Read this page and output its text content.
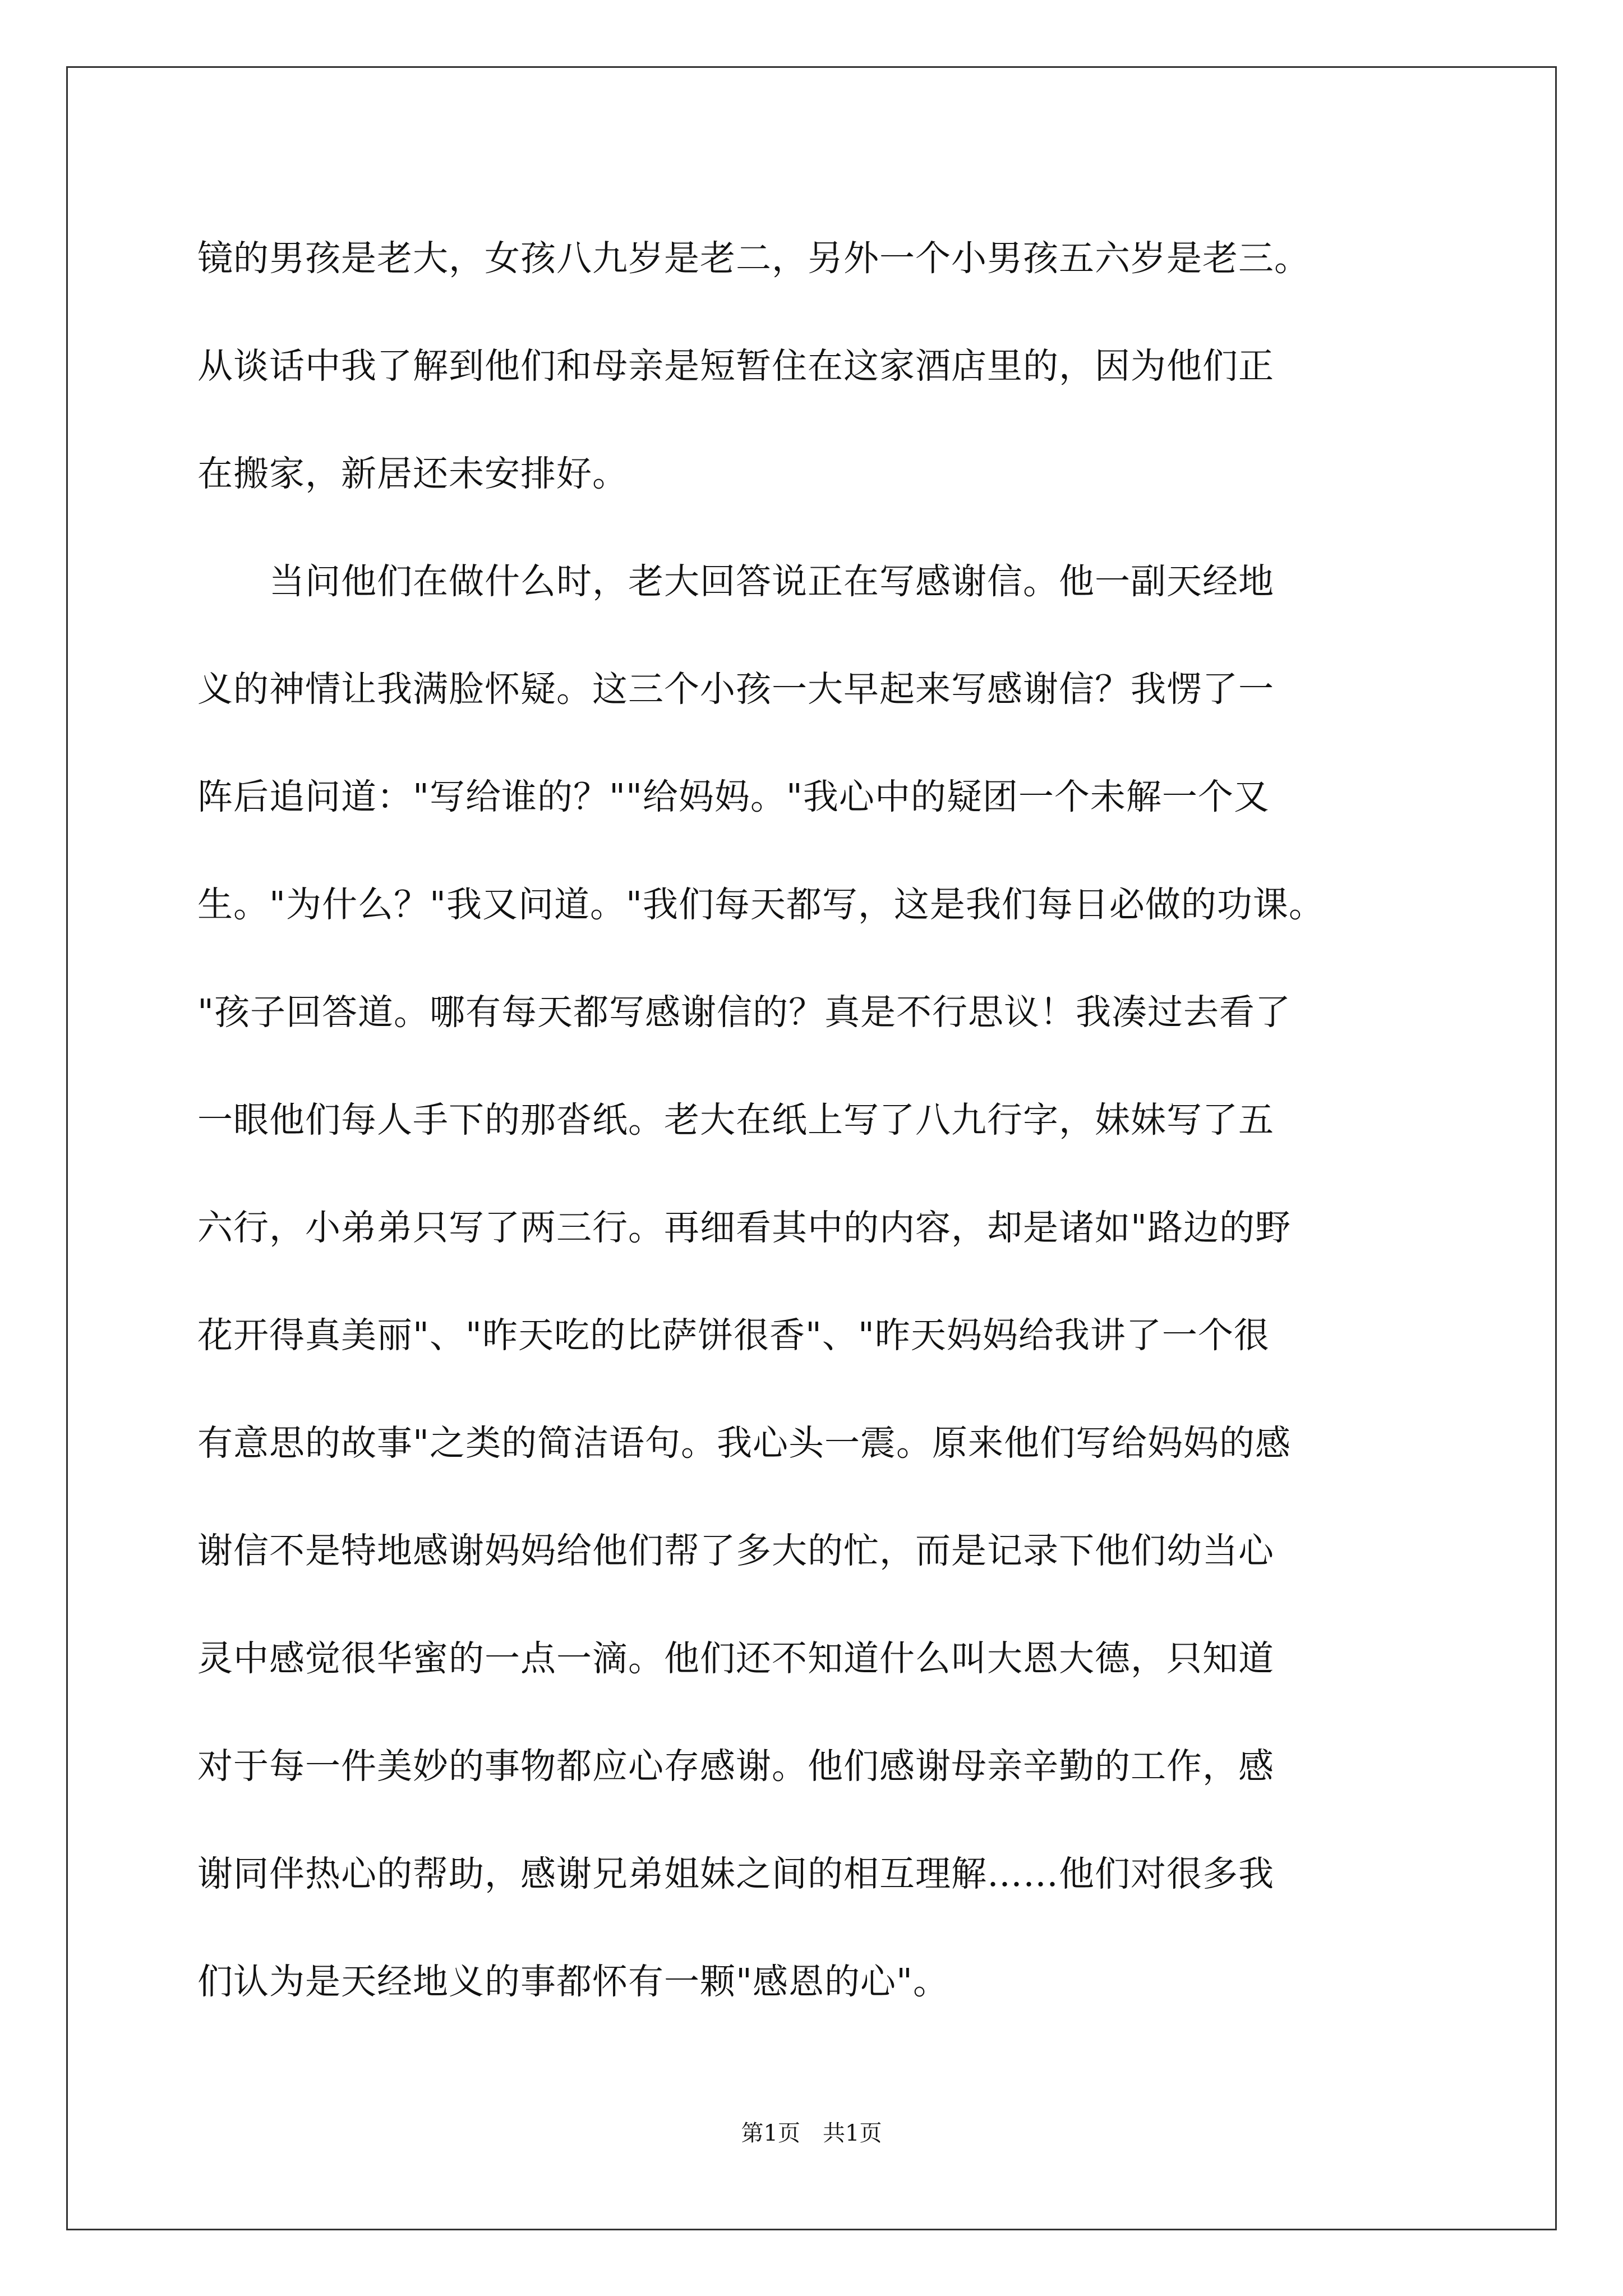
镜的男孩是老大，女孩八九岁是老二，另外一个小男孩五六岁是老三。
从谈话中我了解到他们和母亲是短暂住在这家酒店里的，因为他们正
在搬家，新居还未安排好。
　　当问他们在做什么时，老大回答说正在写感谢信。他一副天经地
义的神情让我满脸怀疑。这三个小孩一大早起来写感谢信？我愣了一
阵后追问道："写给谁的？""给妈妈。"我心中的疑团一个未解一个又
生。"为什么？"我又问道。"我们每天都写，这是我们每日必做的功课。
"孩子回答道。哪有每天都写感谢信的？真是不行思议！我凑过去看了
一眼他们每人手下的那沓纸。老大在纸上写了八九行字，妹妹写了五
六行，小弟弟只写了两三行。再细看其中的内容，却是诸如"路边的野
花开得真美丽"、"昨天吃的比萨饼很香"、"昨天妈妈给我讲了一个很
有意思的故事"之类的简洁语句。我心头一震。原来他们写给妈妈的感
谢信不是特地感谢妈妈给他们帮了多大的忙，而是记录下他们幼当心
灵中感觉很华蜜的一点一滴。他们还不知道什么叫大恩大德，只知道
对于每一件美妙的事物都应心存感谢。他们感谢母亲辛勤的工作，感
谢同伴热心的帮助，感谢兄弟姐妹之间的相互理解……他们对很多我
们认为是天经地义的事都怀有一颗"感恩的心"。
第1页　共1页
